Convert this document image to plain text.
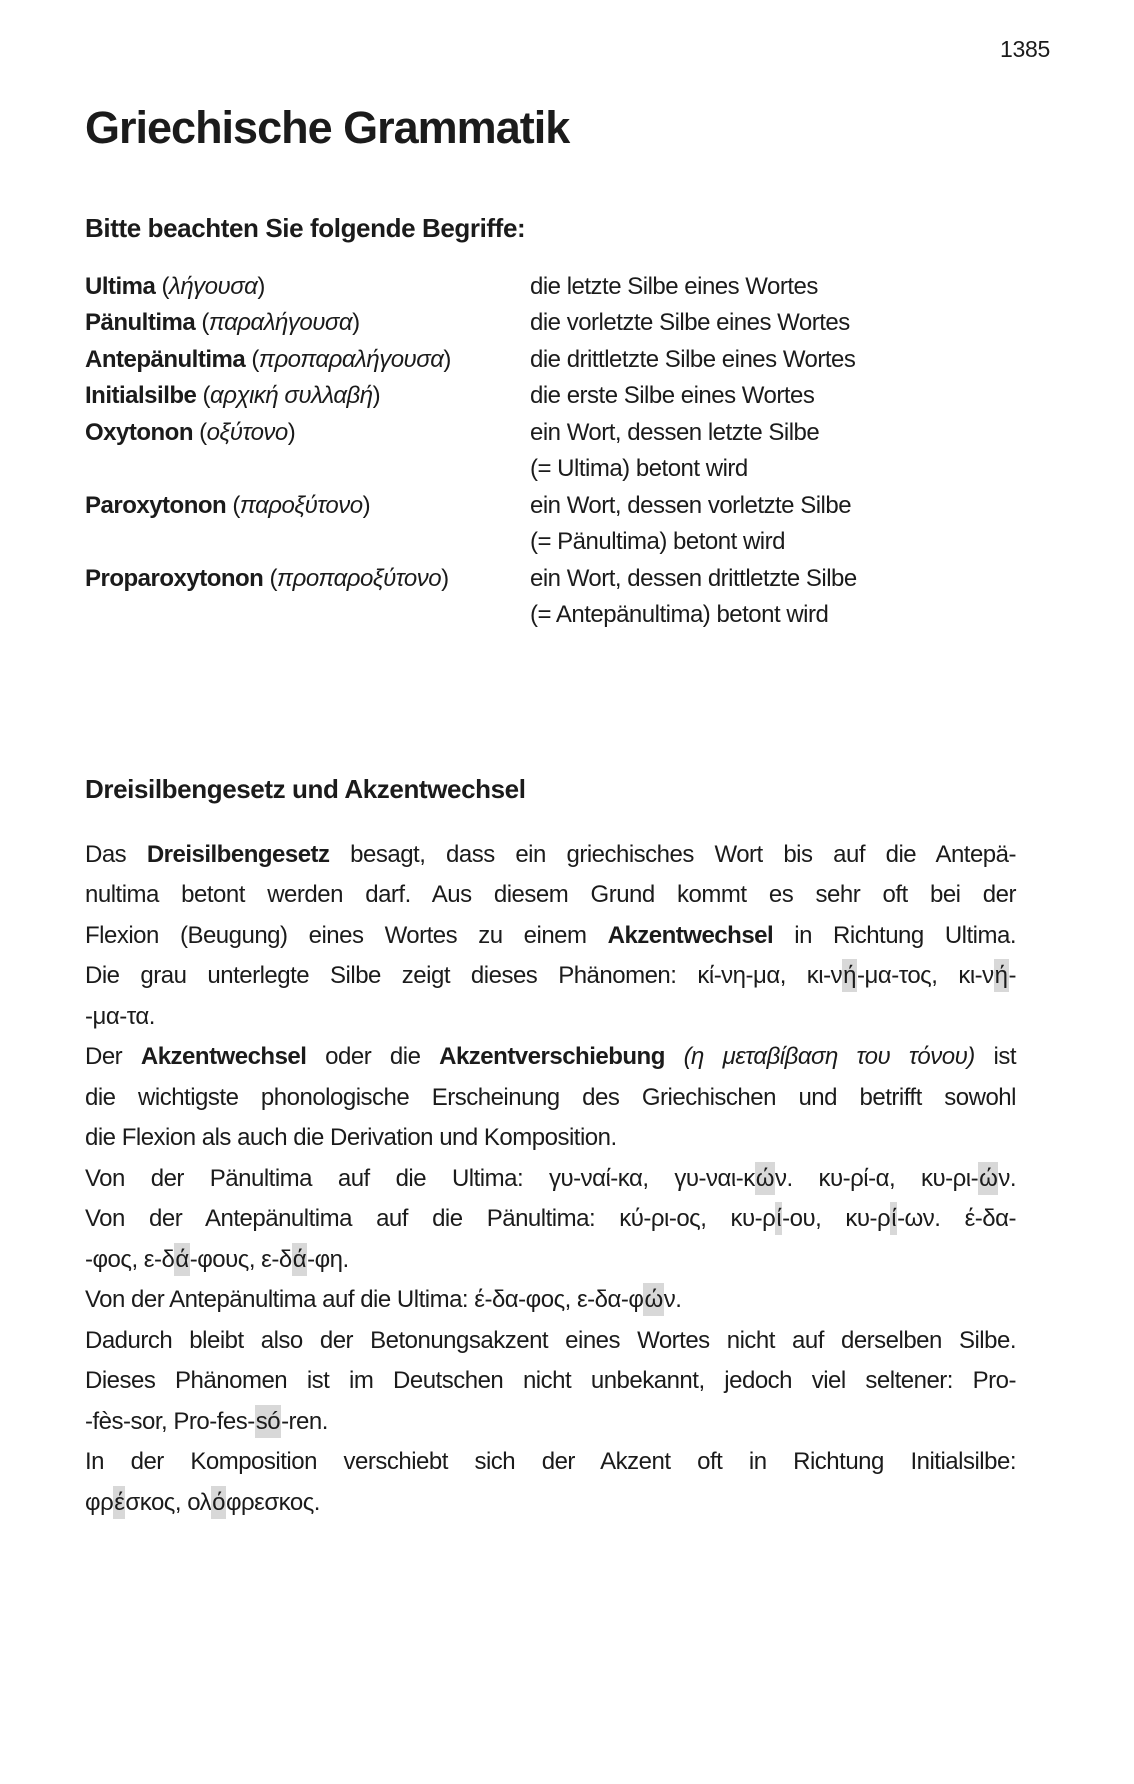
1385
Griechische Grammatik
Bitte beachten Sie folgende Begriffe:
Ultima (λήγουσα)	die letzte Silbe eines Wortes
Pänultima (παραλήγουσα)	die vorletzte Silbe eines Wortes
Antepänultima (προπαραλήγουσα)	die drittletzte Silbe eines Wortes
Initialsilbe (αρχική συλλαβή)	die erste Silbe eines Wortes
Oxytonon (οξύτονο)	ein Wort, dessen letzte Silbe
(= Ultima) betont wird
Paroxytonon (παροξύτονο)	ein Wort, dessen vorletzte Silbe
(= Pänultima) betont wird
Proparoxytonon (προπαροξύτονο)	ein Wort, dessen drittletzte Silbe
(= Antepänultima) betont wird
Dreisilbengesetz und Akzentwechsel
Das Dreisilbengesetz besagt, dass ein griechisches Wort bis auf die Antepä-
nultima betont werden darf. Aus diesem Grund kommt es sehr oft bei der
Flexion (Beugung) eines Wortes zu einem Akzentwechsel in Richtung Ultima.
Die grau unterlegte Silbe zeigt dieses Phänomen: κί-νη-μα, κι-νή-μα-τος, κι-νή-
-μα-τα.
Der Akzentwechsel oder die Akzentverschiebung (η μεταβίβαση του τόνου) ist
die wichtigste phonologische Erscheinung des Griechischen und betrifft sowohl
die Flexion als auch die Derivation und Komposition.
Von der Pänultima auf die Ultima: γυ-ναί-κα, γυ-ναι-κών. κυ-ρί-α, κυ-ρι-ών.
Von der Antepänultima auf die Pänultima: κύ-ρι-ος, κυ-ρί-ου, κυ-ρί-ων. έ-δα-
-φος, ε-δά-φους, ε-δά-φη.
Von der Antepänultima auf die Ultima: έ-δα-φος, ε-δα-φών.
Dadurch bleibt also der Betonungsakzent eines Wortes nicht auf derselben Silbe.
Dieses Phänomen ist im Deutschen nicht unbekannt, jedoch viel seltener: Pro-
-fès-sor, Pro-fes-só-ren.
In der Komposition verschiebt sich der Akzent oft in Richtung Initialsilbe:
φρέσκος, ολόφρεσκος.
